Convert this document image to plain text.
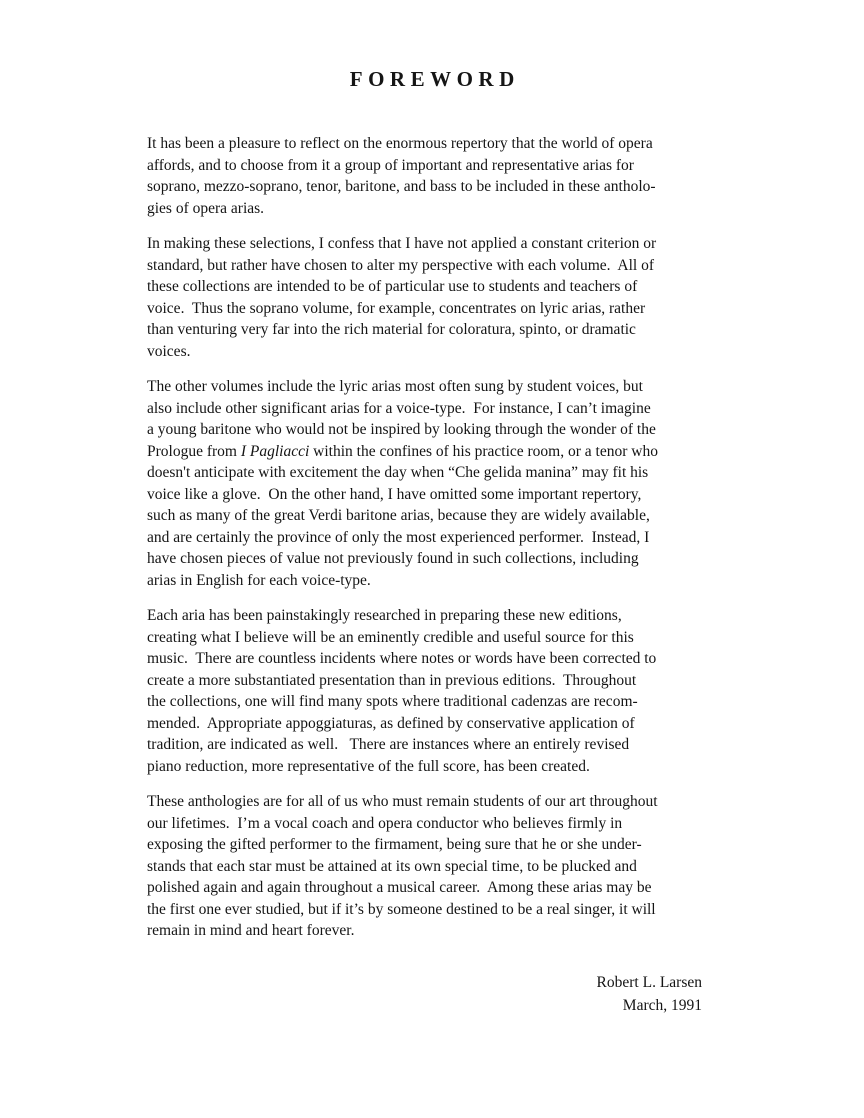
FOREWORD
It has been a pleasure to reflect on the enormous repertory that the world of opera
affords, and to choose from it a group of important and representative arias for
soprano, mezzo-soprano, tenor, baritone, and bass to be included in these antholo-
gies of opera arias.
In making these selections, I confess that I have not applied a constant criterion or
standard, but rather have chosen to alter my perspective with each volume.  All of
these collections are intended to be of particular use to students and teachers of
voice.  Thus the soprano volume, for example, concentrates on lyric arias, rather
than venturing very far into the rich material for coloratura, spinto, or dramatic
voices.
The other volumes include the lyric arias most often sung by student voices, but
also include other significant arias for a voice-type.  For instance, I can’t imagine
a young baritone who would not be inspired by looking through the wonder of the
Prologue from I Pagliacci within the confines of his practice room, or a tenor who
doesn't anticipate with excitement the day when “Che gelida manina” may fit his
voice like a glove.  On the other hand, I have omitted some important repertory,
such as many of the great Verdi baritone arias, because they are widely available,
and are certainly the province of only the most experienced performer.  Instead, I
have chosen pieces of value not previously found in such collections, including
arias in English for each voice-type.
Each aria has been painstakingly researched in preparing these new editions,
creating what I believe will be an eminently credible and useful source for this
music.  There are countless incidents where notes or words have been corrected to
create a more substantiated presentation than in previous editions.  Throughout
the collections, one will find many spots where traditional cadenzas are recom-
mended.  Appropriate appoggiaturas, as defined by conservative application of
tradition, are indicated as well.   There are instances where an entirely revised
piano reduction, more representative of the full score, has been created.
These anthologies are for all of us who must remain students of our art throughout
our lifetimes.  I’m a vocal coach and opera conductor who believes firmly in
exposing the gifted performer to the firmament, being sure that he or she under-
stands that each star must be attained at its own special time, to be plucked and
polished again and again throughout a musical career.  Among these arias may be
the first one ever studied, but if it’s by someone destined to be a real singer, it will
remain in mind and heart forever.
Robert L. Larsen
March, 1991
